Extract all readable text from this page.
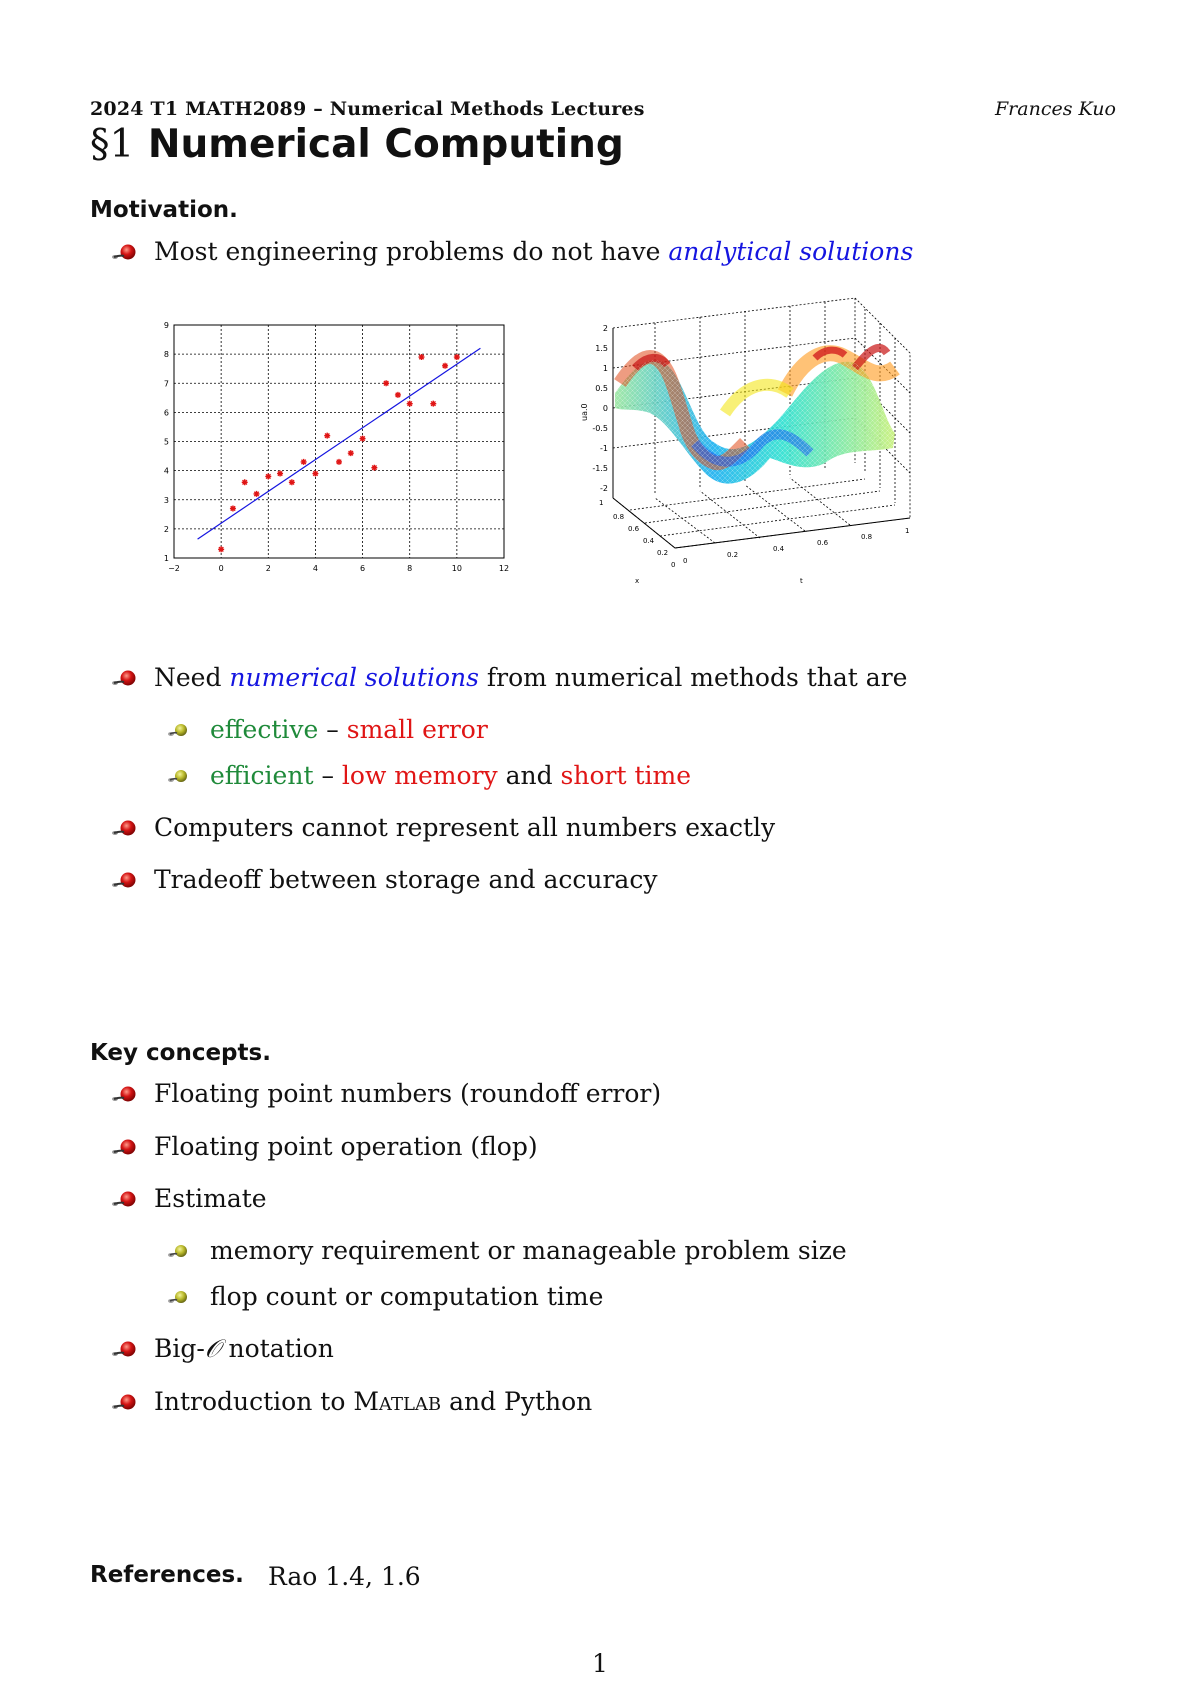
2024 T1 MATH2089 – Numerical Methods Lectures	Frances Kuo
§1 Numerical Computing
Motivation.
Most engineering problems do not have analytical solutions
−2	0	2	4	6	8	10	12
1
2
3
4
5
6
7
8
9	2
1.5
1
0.5
0
-0.5
-1
-1.5
-2
ua.0
1
0.8
0.6
0.4
0.2
0 0
0.2
0.4
0.6
0.8
1
x	t
Need numerical solutions from numerical methods that are
effective – small error
efficient – low memory and short time
Computers cannot represent all numbers exactly
Tradeoff between storage and accuracy
Key concepts.
Floating point numbers (roundoff error)
Floating point operation (flop)
Estimate
memory requirement or manageable problem size
flop count or computation time
Big-𝒪 notation
Introduction to Matlab and Python
References. Rao 1.4, 1.6
1
